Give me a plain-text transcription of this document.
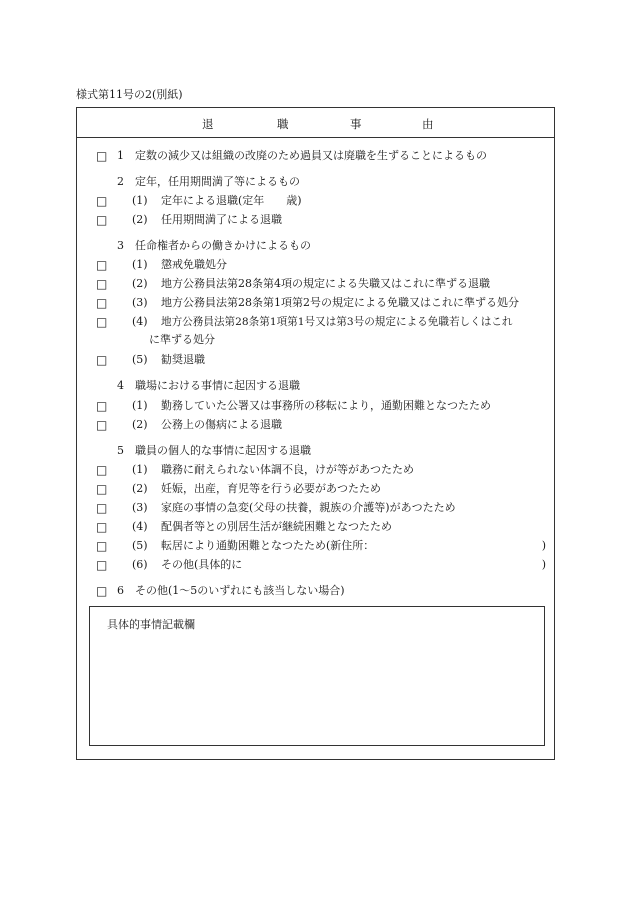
様式第11号の2(別紙)
退	職	事	由
□ 1 定数の減少又は組織の改廃のため過員又は廃職を生ずることによるもの
2 定年，任用期間満了等によるもの
□ (1) 定年による退職(定年　　歳)
□ (2) 任用期間満了による退職
3 任命権者からの働きかけによるもの
□ (1) 懲戒免職処分
□ (2) 地方公務員法第28条第4項の規定による失職又はこれに準ずる退職
□ (3) 地方公務員法第28条第1項第2号の規定による免職又はこれに準ずる処分
□ (4) 地方公務員法第28条第1項第1号又は第3号の規定による免職若しくはこれ
に準ずる処分
□ (5) 勧奨退職
4 職場における事情に起因する退職
□ (1) 勤務していた公署又は事務所の移転により，通勤困難となつたため
□ (2) 公務上の傷病による退職
5 職員の個人的な事情に起因する退職
□ (1) 職務に耐えられない体調不良，けが等があつたため
□ (2) 妊娠，出産，育児等を行う必要があつたため
□ (3) 家庭の事情の急変(父母の扶養，親族の介護等)があつたため
□ (4) 配偶者等との別居生活が継続困難となつたため
□ (5) 転居により通勤困難となつたため(新住所：	)
□ (6) その他(具体的に	)
□ 6 その他(1～5のいずれにも該当しない場合)
具体的事情記載欄
